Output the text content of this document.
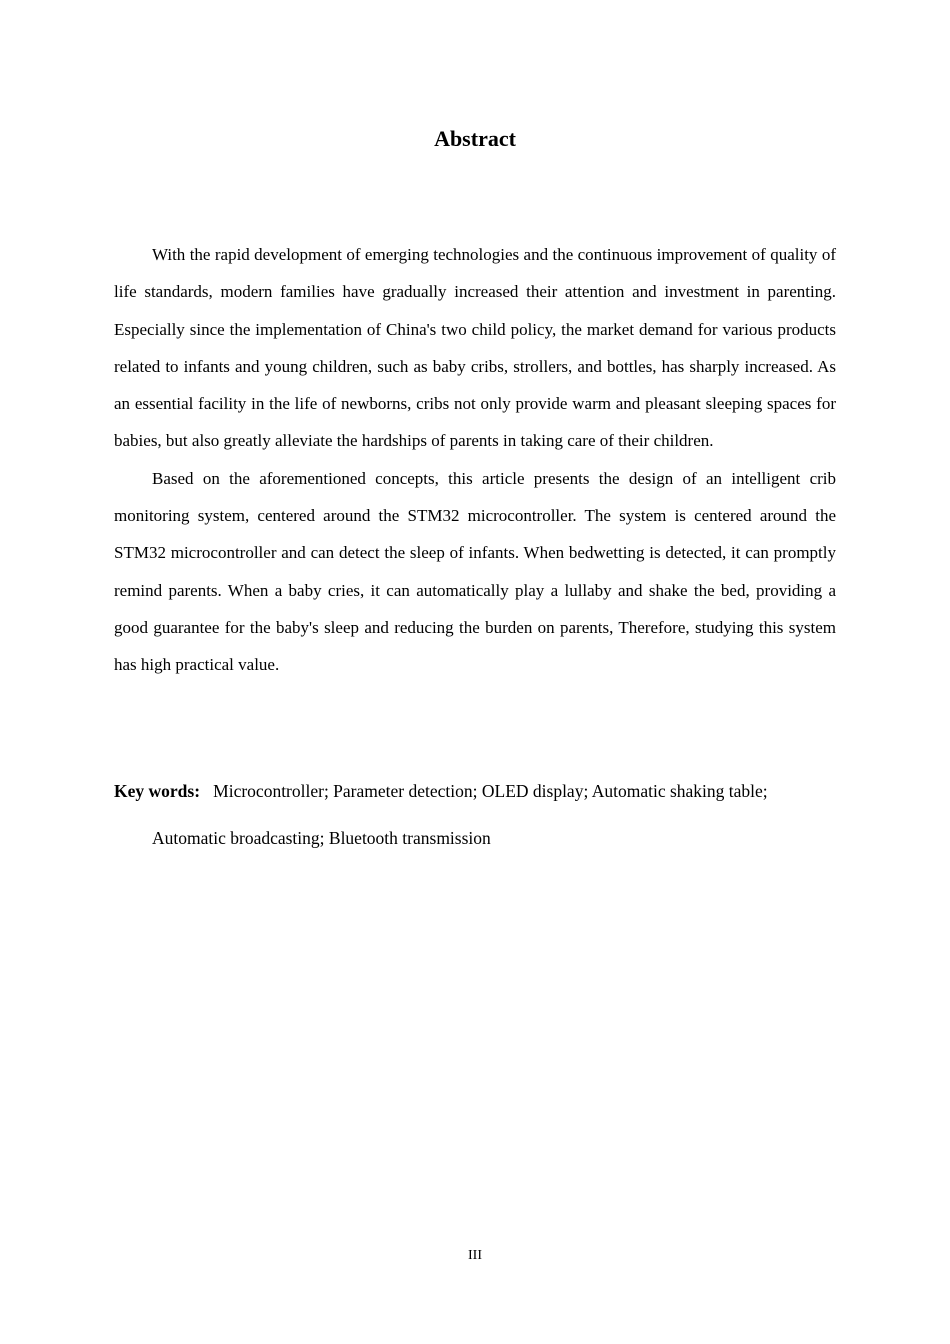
Abstract

With the rapid development of emerging technologies and the continuous improvement of quality of life standards, modern families have gradually increased their attention and investment in parenting. Especially since the implementation of China's two child policy, the market demand for various products related to infants and young children, such as baby cribs, strollers, and bottles, has sharply increased. As an essential facility in the life of newborns, cribs not only provide warm and pleasant sleeping spaces for babies, but also greatly alleviate the hardships of parents in taking care of their children.

Based on the aforementioned concepts, this article presents the design of an intelligent crib monitoring system, centered around the STM32 microcontroller. The system is centered around the STM32 microcontroller and can detect the sleep of infants. When bedwetting is detected, it can promptly remind parents. When a baby cries, it can automatically play a lullaby and shake the bed, providing a good guarantee for the baby's sleep and reducing the burden on parents, Therefore, studying this system has high practical value.

Key words: Microcontroller; Parameter detection; OLED display; Automatic shaking table;
Automatic broadcasting; Bluetooth transmission

III
